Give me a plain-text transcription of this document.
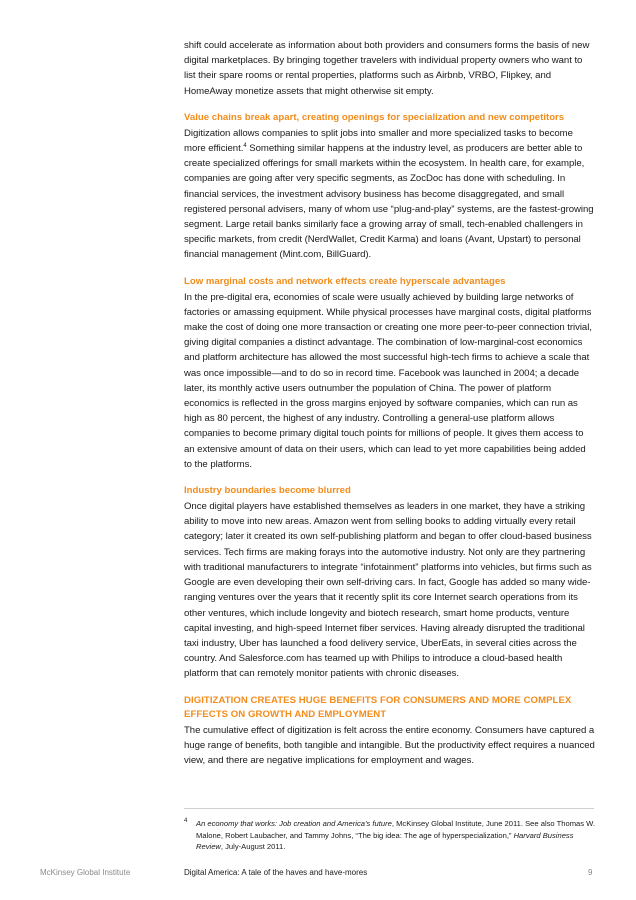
shift could accelerate as information about both providers and consumers forms the basis of new digital marketplaces. By bringing together travelers with individual property owners who want to list their spare rooms or rental properties, platforms such as Airbnb, VRBO, Flipkey, and HomeAway monetize assets that might otherwise sit empty.

Value chains break apart, creating openings for specialization and new competitors

Digitization allows companies to split jobs into smaller and more specialized tasks to become more efficient.$^4$ Something similar happens at the industry level, as producers are better able to create specialized offerings for small markets within the ecosystem. In health care, for example, companies are going after very specific segments, as ZocDoc has done with scheduling. In financial services, the investment advisory business has become disaggregated, and small registered personal advisers, many of whom use “plug-and-play” systems, are the fastest-growing segment. Large retail banks similarly face a growing array of small, tech-enabled challengers in specific markets, from credit (NerdWallet, Credit Karma) and loans (Avant, Upstart) to personal financial management (Mint.com, BillGuard).

Low marginal costs and network effects create hyperscale advantages

In the pre-digital era, economies of scale were usually achieved by building large networks of factories or amassing equipment. While physical processes have marginal costs, digital platforms make the cost of doing one more transaction or creating one more peer-to-peer connection trivial, giving digital companies a distinct advantage. The combination of low-marginal-cost economics and platform architecture has allowed the most successful high-tech firms to achieve a scale that was once impossible—and to do so in record time. Facebook was launched in 2004; a decade later, its monthly active users outnumber the population of China. The power of platform economics is reflected in the gross margins enjoyed by software companies, which can run as high as 80 percent, the highest of any industry. Controlling a general-use platform allows companies to become primary digital touch points for millions of people. It gives them access to an extensive amount of data on their users, which can lead to yet more capabilities being added to the platforms.

Industry boundaries become blurred

Once digital players have established themselves as leaders in one market, they have a striking ability to move into new areas. Amazon went from selling books to adding virtually every retail category; later it created its own self-publishing platform and began to offer cloud-based business services. Tech firms are making forays into the automotive industry. Not only are they partnering with traditional manufacturers to integrate “infotainment” platforms into vehicles, but firms such as Google are even developing their own self-driving cars. In fact, Google has added so many wide-ranging ventures over the years that it recently split its core Internet search operations from its other ventures, which include longevity and biotech research, smart home products, venture capital investing, and high-speed Internet fiber services. Having already disrupted the traditional taxi industry, Uber has launched a food delivery service, UberEats, in several cities across the country. And Salesforce.com has teamed up with Philips to introduce a cloud-based health platform that can remotely monitor patients with chronic diseases.

DIGITIZATION CREATES HUGE BENEFITS FOR CONSUMERS AND MORE COMPLEX EFFECTS ON GROWTH AND EMPLOYMENT

The cumulative effect of digitization is felt across the entire economy. Consumers have captured a huge range of benefits, both tangible and intangible. But the productivity effect requires a nuanced view, and there are negative implications for employment and wages.

4 An economy that works: Job creation and America’s future, McKinsey Global Institute, June 2011. See also Thomas W. Malone, Robert Laubacher, and Tammy Johns, “The big idea: The age of hyperspecialization,” Harvard Business Review, July-August 2011.
McKinsey Global Institute	Digital America: A tale of the haves and have-mores	9
